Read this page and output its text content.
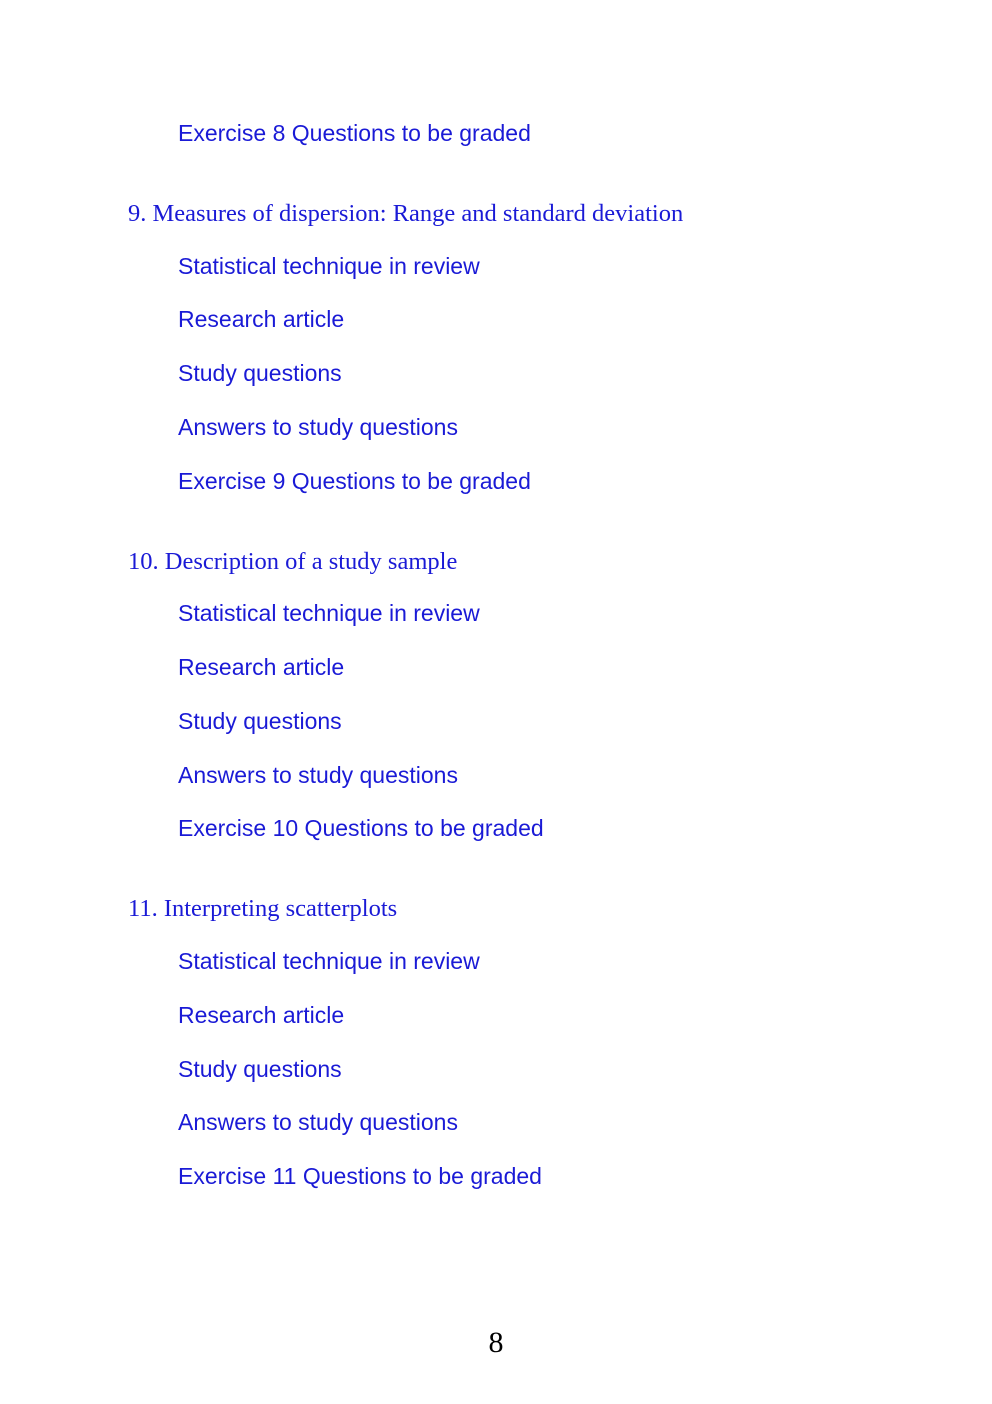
Exercise 8 Questions to be graded
9. Measures of dispersion: Range and standard deviation
Statistical technique in review
Research article
Study questions
Answers to study questions
Exercise 9 Questions to be graded
10. Description of a study sample
Statistical technique in review
Research article
Study questions
Answers to study questions
Exercise 10 Questions to be graded
11. Interpreting scatterplots
Statistical technique in review
Research article
Study questions
Answers to study questions
Exercise 11 Questions to be graded
8
